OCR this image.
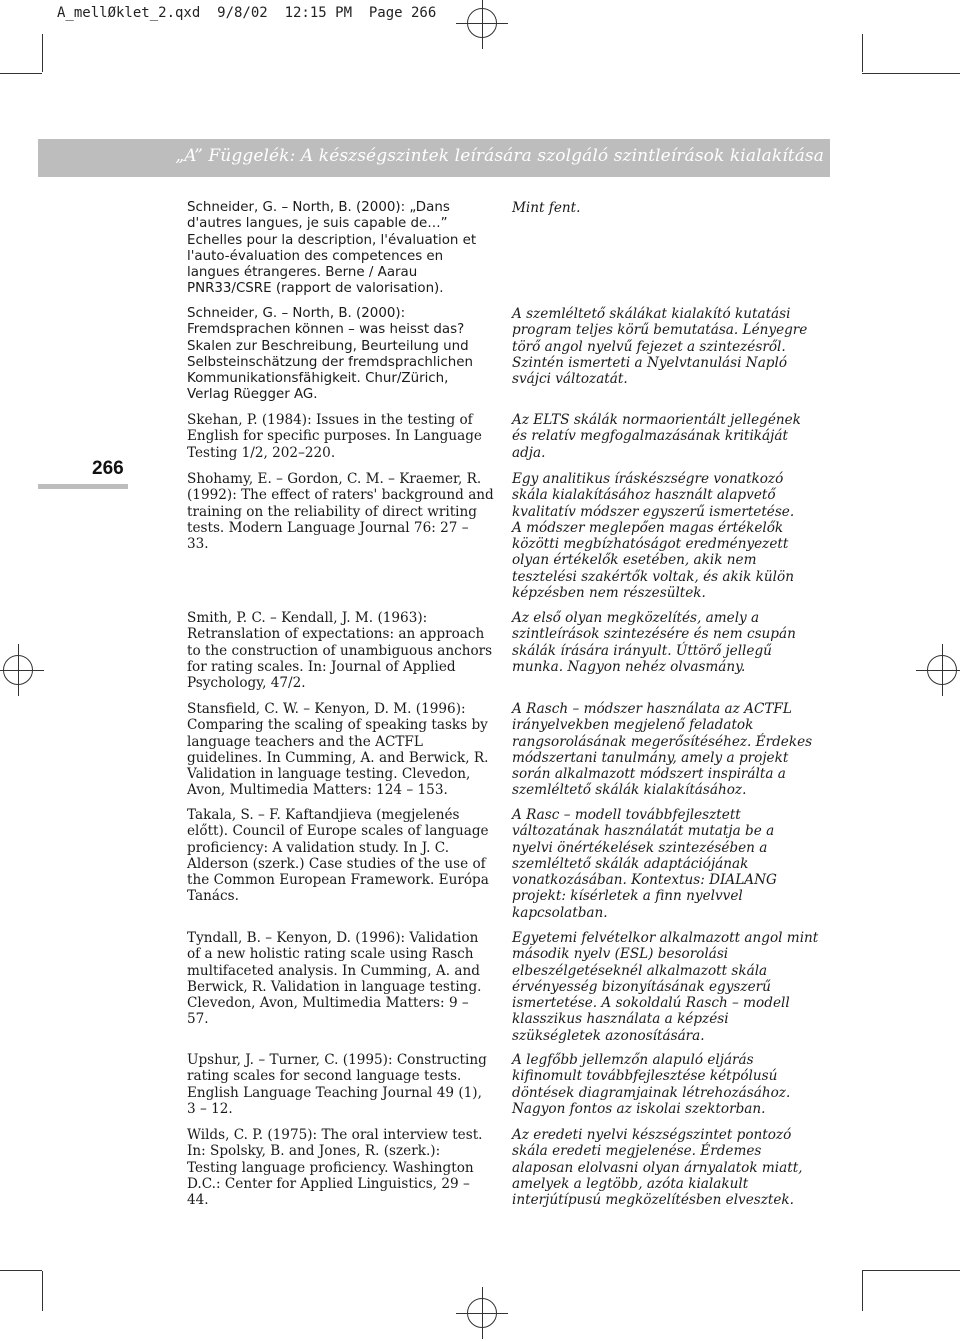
A_mellØklet_2.qxd  9/8/02  12:15 PM  Page 266
„A” Függelék: A készségszintek leírására szolgáló szintleírások kialakítása
266
Schneider, G. – North, B. (2000): „Dans
d'autres langues, je suis capable de…”
Echelles pour la description, l'évaluation et
l'auto-évaluation des competences en
langues étrangeres. Berne / Aarau
PNR33/CSRE (rapport de valorisation).
Mint fent.
Schneider, G. – North, B. (2000):
Fremdsprachen können – was heisst das?
Skalen zur Beschreibung, Beurteilung und
Selbsteinschätzung der fremdsprachlichen
Kommunikationsfähigkeit. Chur/Zürich,
Verlag Rüegger AG.
A szemléltető skálákat kialakító kutatási
program teljes körű bemutatása. Lényegre
törő angol nyelvű fejezet a szintezésről.
Szintén ismerteti a Nyelvtanulási Napló
svájci változatát.
Skehan, P. (1984): Issues in the testing of
English for specific purposes. In Language
Testing 1/2, 202–220.
Az ELTS skálák normaorientált jellegének
és relatív megfogalmazásának kritikáját
adja.
Shohamy, E. – Gordon, C. M. – Kraemer, R.
(1992): The effect of raters' background and
training on the reliability of direct writing
tests. Modern Language Journal 76: 27 –
33.
Egy analitikus íráskészségre vonatkozó
skála kialakításához használt alapvető
kvalitatív módszer egyszerű ismertetése.
A módszer meglepően magas értékelők
közötti megbízhatóságot eredményezett
olyan értékelők esetében, akik nem
tesztelési szakértők voltak, és akik külön
képzésben nem részesültek.
Smith, P. C. – Kendall, J. M. (1963):
Retranslation of expectations: an approach
to the construction of unambiguous anchors
for rating scales. In: Journal of Applied
Psychology, 47/2.
Az első olyan megközelítés, amely a
szintleírások szintezésére és nem csupán
skálák írására irányult. Úttörő jellegű
munka. Nagyon nehéz olvasmány.
Stansfield, C. W. – Kenyon, D. M. (1996):
Comparing the scaling of speaking tasks by
language teachers and the ACTFL
guidelines. In Cumming, A. and Berwick, R.
Validation in language testing. Clevedon,
Avon, Multimedia Matters: 124 – 153.
A Rasch – módszer használata az ACTFL
irányelvekben megjelenő feladatok
rangsorolásának megerősítéséhez. Érdekes
módszertani tanulmány, amely a projekt
során alkalmazott módszert inspirálta a
szemléltető skálák kialakításához.
Takala, S. – F. Kaftandjieva (megjelenés
előtt). Council of Europe scales of language
proficiency: A validation study. In J. C.
Alderson (szerk.) Case studies of the use of
the Common European Framework. Európa
Tanács.
A Rasc – modell továbbfejlesztett
változatának használatát mutatja be a
nyelvi önértékelések szintezésében a
szemléltető skálák adaptációjának
vonatkozásában. Kontextus: DIALANG
projekt: kísérletek a finn nyelvvel
kapcsolatban.
Tyndall, B. – Kenyon, D. (1996): Validation
of a new holistic rating scale using Rasch
multifaceted analysis. In Cumming, A. and
Berwick, R. Validation in language testing.
Clevedon, Avon, Multimedia Matters: 9 –
57.
Egyetemi felvételkor alkalmazott angol mint
második nyelv (ESL) besorolási
elbeszélgetéseknél alkalmazott skála
érvényesség bizonyításának egyszerű
ismertetése. A sokoldalú Rasch – modell
klasszikus használata a képzési
szükségletek azonosítására.
Upshur, J. – Turner, C. (1995): Constructing
rating scales for second language tests.
English Language Teaching Journal 49 (1),
3 – 12.
A legfőbb jellemzőn alapuló eljárás
kifinomult továbbfejlesztése kétpólusú
döntések diagramjainak létrehozásához.
Nagyon fontos az iskolai szektorban.
Wilds, C. P. (1975): The oral interview test.
In: Spolsky, B. and Jones, R. (szerk.):
Testing language proficiency. Washington
D.C.: Center for Applied Linguistics, 29 –
44.
Az eredeti nyelvi készségszintet pontozó
skála eredeti megjelenése. Érdemes
alaposan elolvasni olyan árnyalatok miatt,
amelyek a legtöbb, azóta kialakult
interjútípusú megközelítésben elvesztek.
